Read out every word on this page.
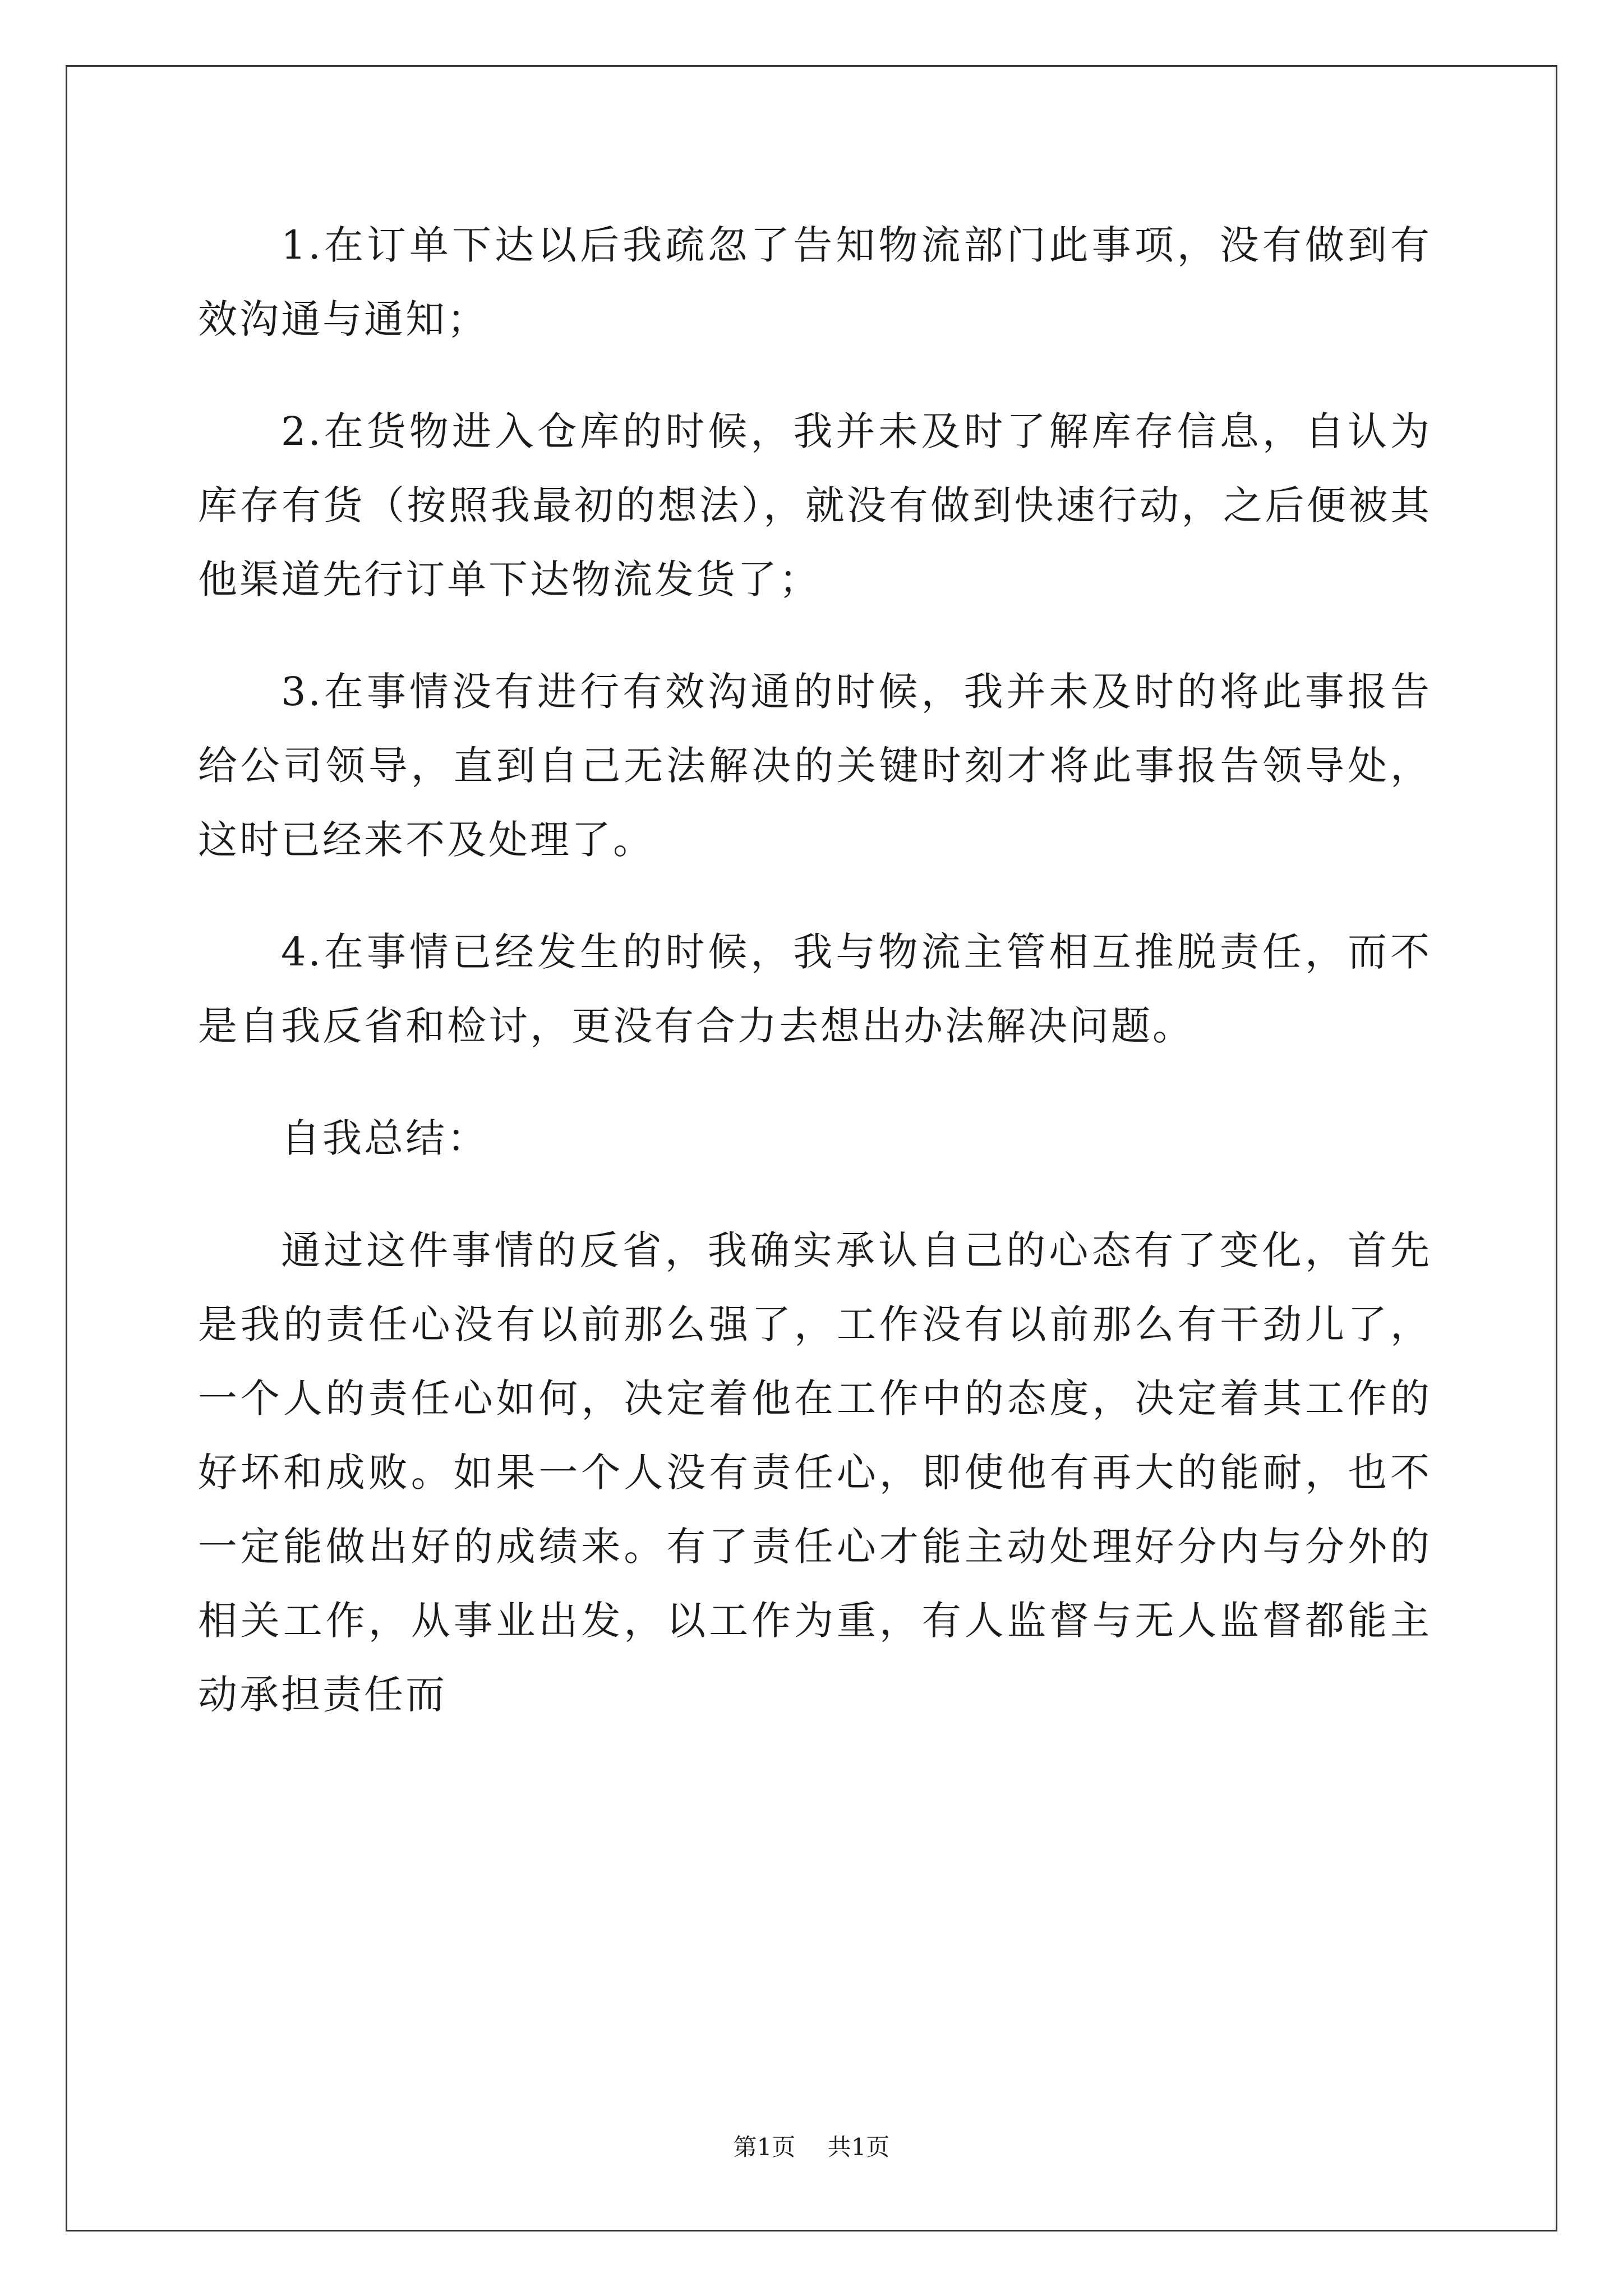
1.在订单下达以后我疏忽了告知物流部门此事项，没有做到有效沟通与通知；

2.在货物进入仓库的时候，我并未及时了解库存信息，自认为库存有货（按照我最初的想法），就没有做到快速行动，之后便被其他渠道先行订单下达物流发货了；

3.在事情没有进行有效沟通的时候，我并未及时的将此事报告给公司领导，直到自己无法解决的关键时刻才将此事报告领导处，这时已经来不及处理了。

4.在事情已经发生的时候，我与物流主管相互推脱责任，而不是自我反省和检讨，更没有合力去想出办法解决问题。

自我总结：

通过这件事情的反省，我确实承认自己的心态有了变化，首先是我的责任心没有以前那么强了，工作没有以前那么有干劲儿了，一个人的责任心如何，决定着他在工作中的态度，决定着其工作的好坏和成败。如果一个人没有责任心，即使他有再大的能耐，也不一定能做出好的成绩来。有了责任心才能主动处理好分内与分外的相关工作，从事业出发，以工作为重，有人监督与无人监督都能主动承担责任而

第1页 共1页
